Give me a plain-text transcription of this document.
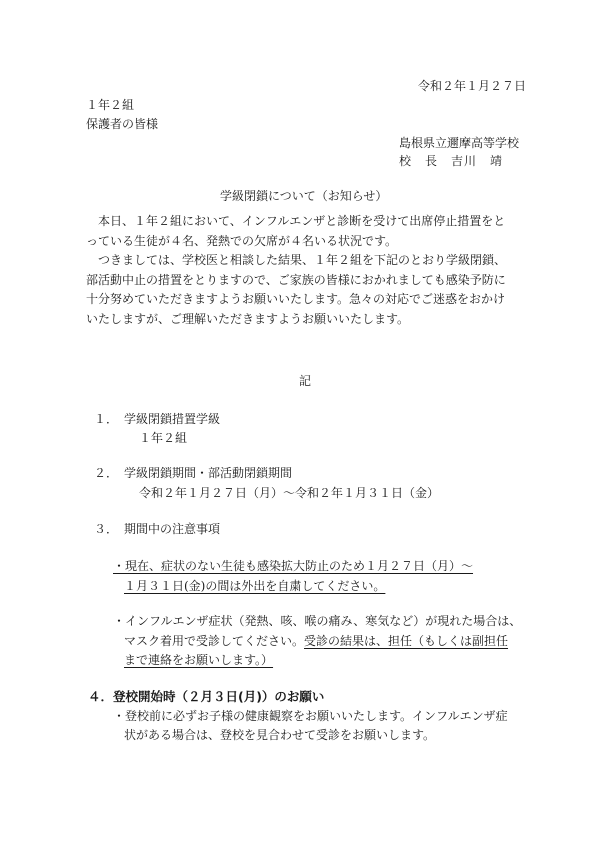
令和２年１月２７日
１年２組
保護者の皆様
島根県立邇摩高等学校
校　長　吉川　靖
学級閉鎖について（お知らせ）

本日、１年２組において、インフルエンザと診断を受けて出席停止措置をと

っている生徒が４名、発熱での欠席が４名いる状況です。

つきましては、学校医と相談した結果、１年２組を下記のとおり学級閉鎖、

部活動中止の措置をとりますので、ご家族の皆様におかれましても感染予防に

十分努めていただきますようお願いいたします。急々の対応でご迷惑をおかけ

いたしますが、ご理解いただきますようお願いいたします。

記
１． 学級閉鎖措置学級
１年２組
２． 学級閉鎖期間・部活動閉鎖期間
令和２年１月２７日（月）～令和２年１月３１日（金）
３． 期間中の注意事項
・現在、症状のない生徒も感染拡大防止のため１月２７日（月）～
１月３１日(金)の間は外出を自粛してください。
・インフルエンザ症状（発熱、咳、喉の痛み、寒気など）が現れた場合は、
マスク着用で受診してください。受診の結果は、担任（もしくは副担任
まで連絡をお願いします。）
４．登校開始時（２月３日(月)）のお願い
・登校前に必ずお子様の健康観察をお願いいたします。インフルエンザ症
状がある場合は、登校を見合わせて受診をお願いします。
